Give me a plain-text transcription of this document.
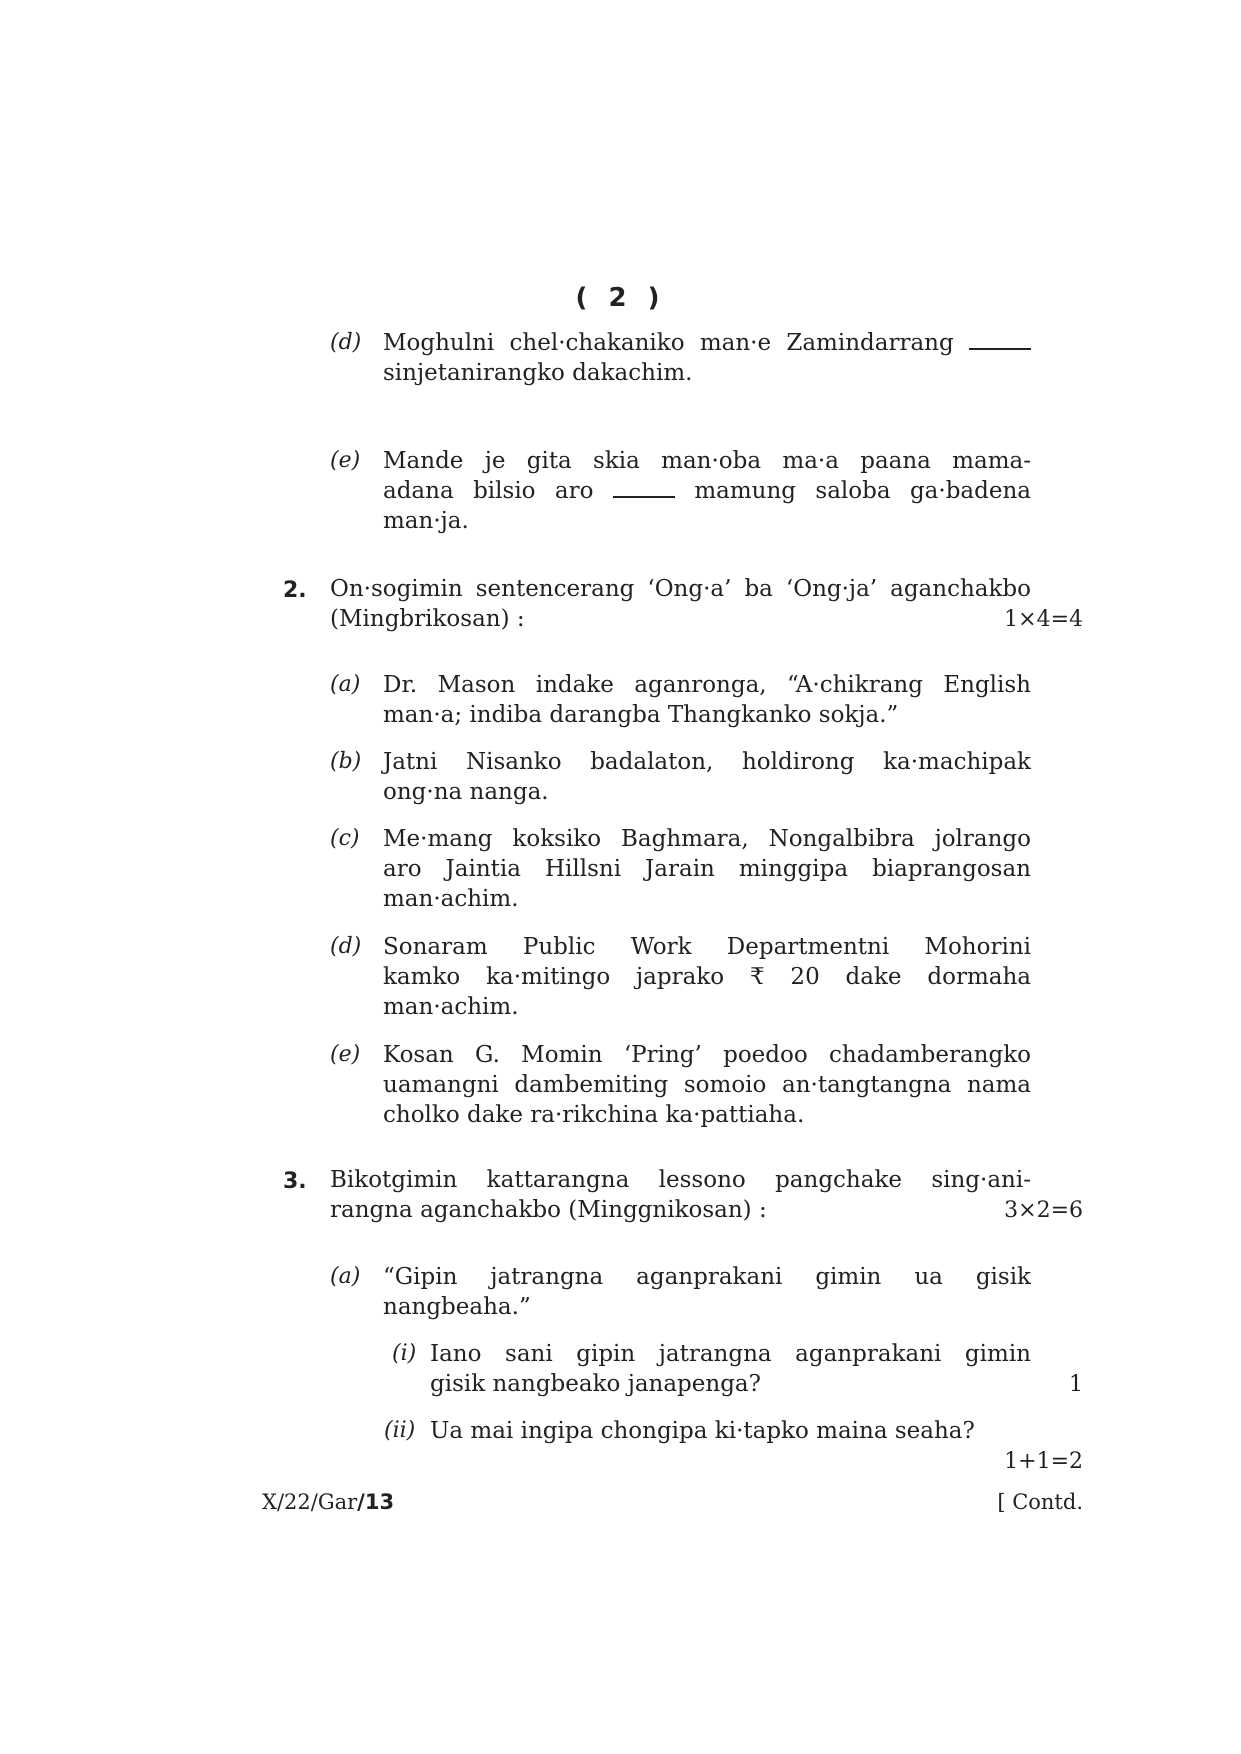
( 2 )
(d) Moghulni chel·chakaniko man·e Zamindarrang
sinjetanirangko dakachim.
(e) Mande je gita skia man·oba ma·a paana mama-
adana bilsio aro	mamung saloba ga·badena
man·ja.
2. On·sogimin sentencerang ‘Ong·a’ ba ‘Ong·ja’ aganchakbo
(Mingbrikosan) :	1×4=4
(a) Dr. Mason indake aganronga, “A·chikrang English
man·a; indiba darangba Thangkanko sokja.”
(b) Jatni Nisanko badalaton, holdirong ka·machipak
ong·na nanga.
(c) Me·mang koksiko Baghmara, Nongalbibra jolrango
aro Jaintia Hillsni Jarain minggipa biaprangosan
man·achim.
(d) Sonaram Public Work Departmentni Mohorini
kamko ka·mitingo japrako ₹ 20 dake dormaha
man·achim.
(e) Kosan G. Momin ‘Pring’ poedoo chadamberangko
uamangni dambemiting somoio an·tangtangna nama
cholko dake ra·rikchina ka·pattiaha.
3. Bikotgimin kattarangna lessono pangchake sing·ani-
rangna aganchakbo (Minggnikosan) :	3×2=6
(a) “Gipin jatrangna aganprakani gimin ua gisik
nangbeaha.”
(i) Iano sani gipin jatrangna aganprakani gimin
gisik nangbeako janapenga?	1
(ii) Ua mai ingipa chongipa ki·tapko maina seaha?
1+1=2
X/22/Gar/13	[ Contd.
